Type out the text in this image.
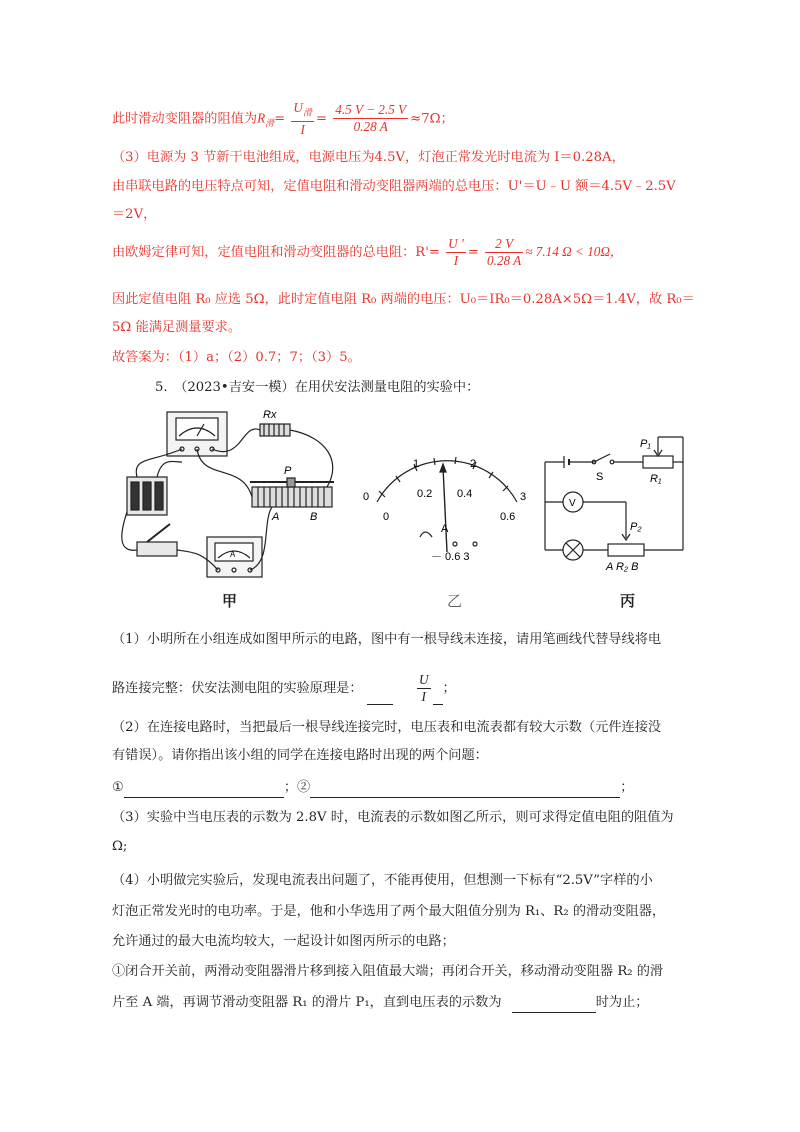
此时滑动变阻器的阻值为$R_滑= \frac{U_滑}{I} = \frac{4.5 V - 2.5 V}{0.28 A} \approx 7\Omega$；
（3）电源为 3 节新干电池组成，电源电压为4.5V，灯泡正常发光时电流为 I＝0.28A，
由串联电路的电压特点可知，定值电阻和滑动变阻器两端的总电压：U'＝U﹣U 额＝4.5V﹣2.5V
＝2V，
由欧姆定律可知，定值电阻和滑动变阻器的总电阻：$R'= \frac{U '}{I} = \frac{2 V}{0.28 A} \approx 7.14$ Ω < 10Ω，
因此定值电阻 R₀ 应选 5Ω，此时定值电阻 R₀ 两端的电压：U₀＝IR₀＝0.28A×5Ω＝1.4V，故 R₀＝
5Ω 能满足测量要求。
故答案为：（1）a；（2）0.7；7；（3）5。
5.　（2023•吉安一模）在用伏安法测量电阻的实验中：
Rx
P
A	B
A
0
1	2
3
0
0.2 0.4
0.6
A
－ 0.6 3
V
S
P₁
R₁
P₂
A R₂ B
甲	乙	丙
（1）小明所在小组连成如图甲所示的电路，图中有一根导线未连接，请用笔画线代替导线将电
路连接完整：伏安法测电阻的实验原理是：	$\frac{U}{I}$ ；
（2）在连接电路时，当把最后一根导线连接完时，电压表和电流表都有较大示数（元件连接没
有错误）。请你指出该小组的同学在连接电路时出现的两个问题：
①	；②	；
（3）实验中当电压表的示数为 2.8V 时，电流表的示数如图乙所示，则可求得定值电阻的阻值为
Ω;
（4）小明做完实验后，发现电流表出问题了，不能再使用，但想测一下标有“2.5V”字样的小
灯泡正常发光时的电功率。于是，他和小华选用了两个最大阻值分别为 R₁、R₂ 的滑动变阻器，
允许通过的最大电流均较大，一起设计如图丙所示的电路；
①闭合开关前，两滑动变阻器滑片移到接入阻值最大端；再闭合开关，移动滑动变阻器 R₂ 的滑
片至 A 端，再调节滑动变阻器 R₁ 的滑片 P₁，直到电压表的示数为	时为止；
